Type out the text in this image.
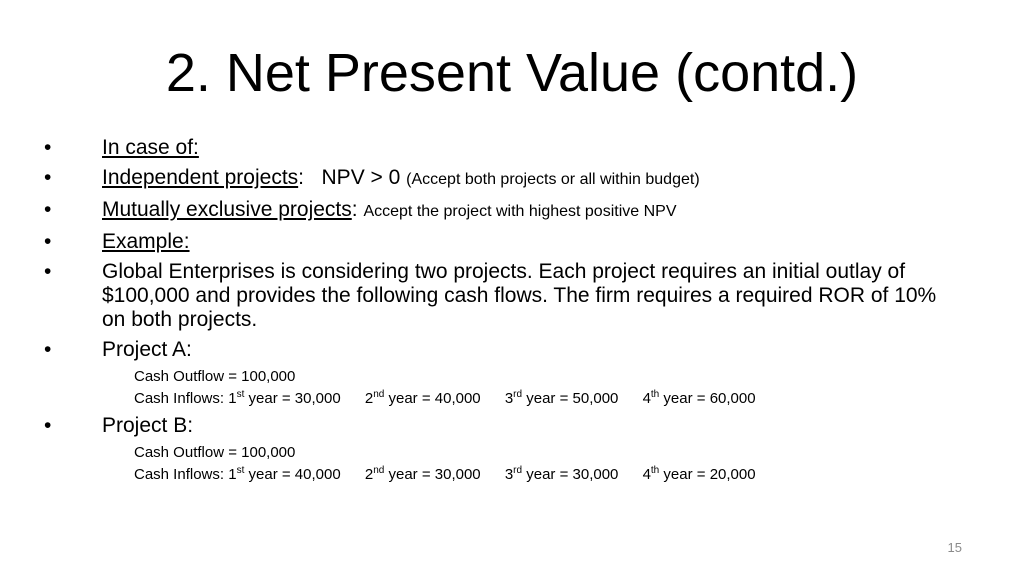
2. Net Present Value (contd.)
•	In case of:
•	Independent projects: NPV > 0 (Accept both projects or all within budget)
•	Mutually exclusive projects: Accept the project with highest positive NPV
•	Example:
•	Global Enterprises is considering two projects. Each project requires an initial outlay of $100,000 and provides the following cash flows. The firm requires a required ROR of 10% on both projects.
•	Project A:
Cash Outflow = 100,000
Cash Inflows: 1st year = 30,000 2nd year = 40,000 3rd year = 50,000 4th year = 60,000
•	Project B:
Cash Outflow = 100,000
Cash Inflows: 1st year = 40,000 2nd year = 30,000 3rd year = 30,000 4th year = 20,000
15
